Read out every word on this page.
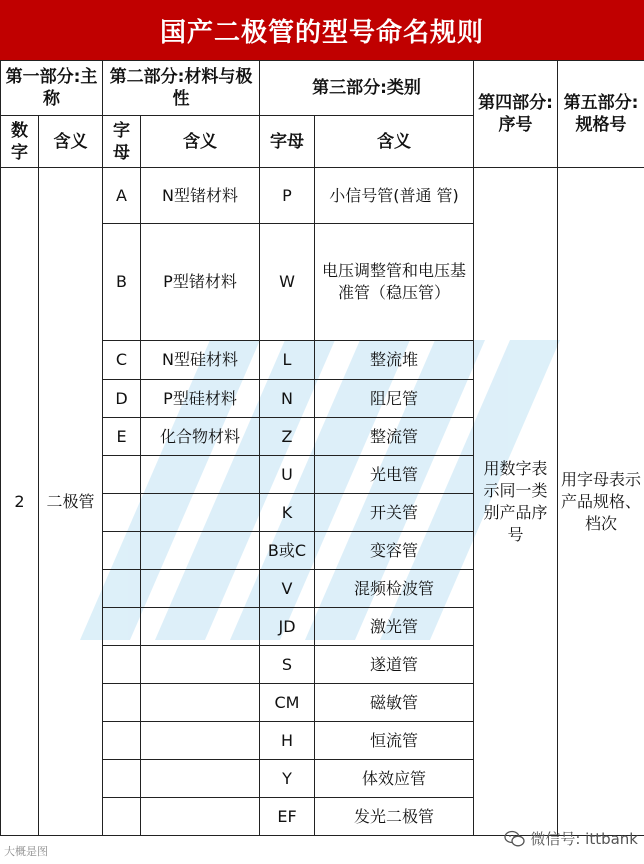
国产二极管的型号命名规则
第一部分:主称		第二部分:材料与极性		第三部分:类别		第四部分:序号	第五部分:规格号
数字	含义	字母	含义	字母	含义		
2	二极管	A	N型锗材料	P	小信号管(普通 管)	用数字表示同一类别产品序号	用字母表示产品规格、档次
		B	P型锗材料	W	电压调整管和电压基准管（稳压管）		
		C	N型硅材料	L	整流堆		
		D	P型硅材料	N	阻尼管		
		E	化合物材料	Z	整流管		
				U	光电管		
				K	开关管		
				B或C	变容管		
				V	混频检波管		
				JD	激光管		
				S	遂道管		
				CM	磁敏管		
				H	恒流管		
				Y	体效应管		
				EF	发光二极管		
大概是图
微信号: ittbank
